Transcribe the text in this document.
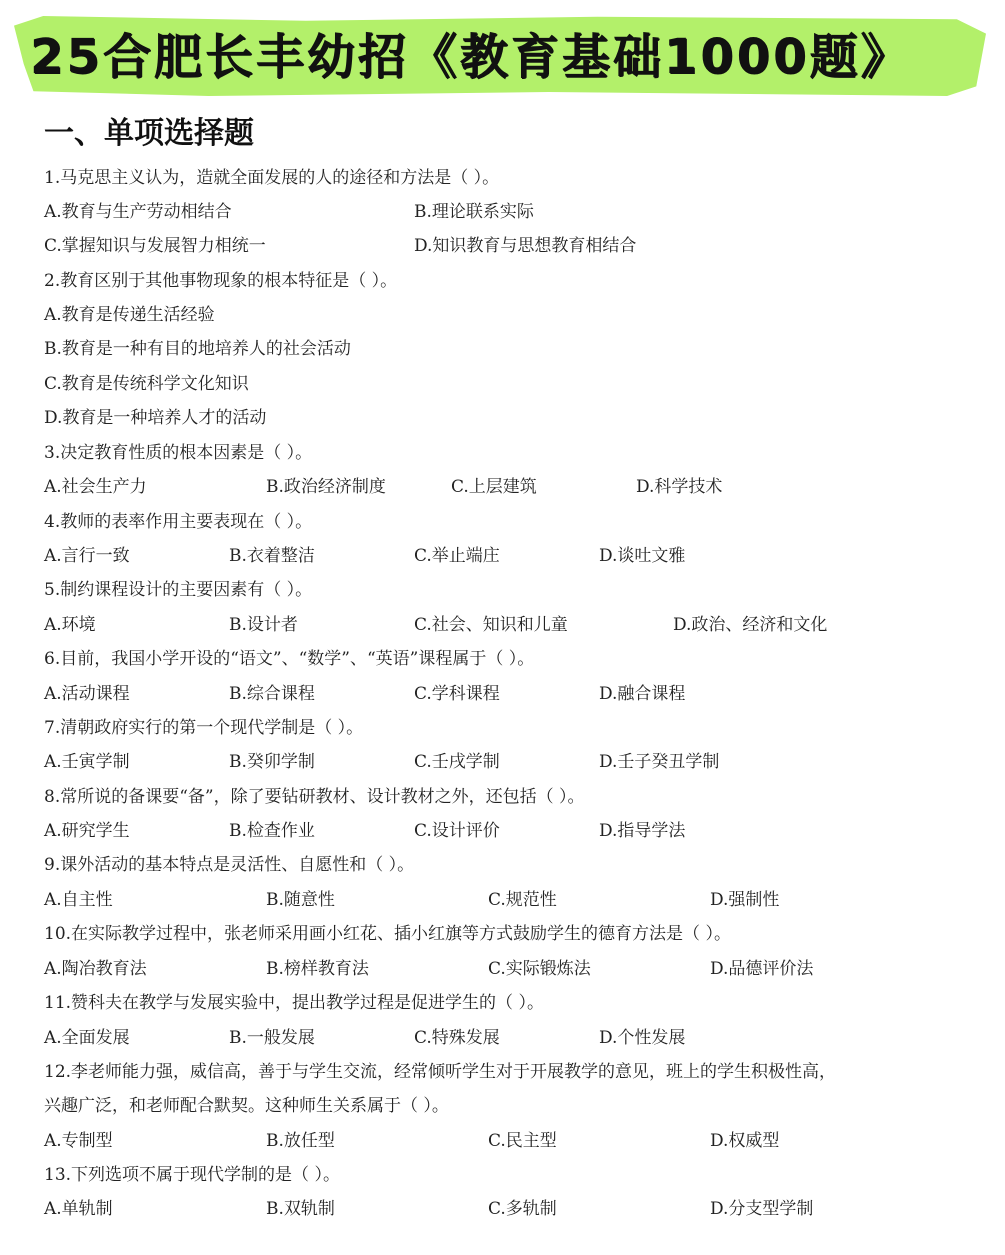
25合肥长丰幼招《教育基础1000题》
一、单项选择题
1.马克思主义认为，造就全面发展的人的途径和方法是（ ）。
A.教育与生产劳动相结合	B.理论联系实际
C.掌握知识与发展智力相统一	D.知识教育与思想教育相结合
2.教育区别于其他事物现象的根本特征是（ ）。
A.教育是传递生活经验
B.教育是一种有目的地培养人的社会活动
C.教育是传统科学文化知识
D.教育是一种培养人才的活动
3.决定教育性质的根本因素是（ ）。
A.社会生产力	B.政治经济制度	C.上层建筑	D.科学技术
4.教师的表率作用主要表现在（ ）。
A.言行一致	B.衣着整洁	C.举止端庄	D.谈吐文雅
5.制约课程设计的主要因素有（ ）。
A.环境	B.设计者	C.社会、知识和儿童	D.政治、经济和文化
6.目前，我国小学开设的“语文”、“数学”、“英语”课程属于（ ）。
A.活动课程	B.综合课程	C.学科课程	D.融合课程
7.清朝政府实行的第一个现代学制是（ ）。
A.壬寅学制	B.癸卯学制	C.壬戌学制	D.壬子癸丑学制
8.常所说的备课要“备”，除了要钻研教材、设计教材之外，还包括（ ）。
A.研究学生	B.检查作业	C.设计评价	D.指导学法
9.课外活动的基本特点是灵活性、自愿性和（ ）。
A.自主性	B.随意性	C.规范性	D.强制性
10.在实际教学过程中，张老师采用画小红花、插小红旗等方式鼓励学生的德育方法是（ ）。
A.陶冶教育法	B.榜样教育法	C.实际锻炼法	D.品德评价法
11.赞科夫在教学与发展实验中，提出教学过程是促进学生的（ ）。
A.全面发展	B.一般发展	C.特殊发展	D.个性发展
12.李老师能力强，威信高，善于与学生交流，经常倾听学生对于开展教学的意见，班上的学生积极性高，
兴趣广泛，和老师配合默契。这种师生关系属于（ ）。
A.专制型	B.放任型	C.民主型	D.权威型
13.下列选项不属于现代学制的是（ ）。
A.单轨制	B.双轨制	C.多轨制	D.分支型学制
